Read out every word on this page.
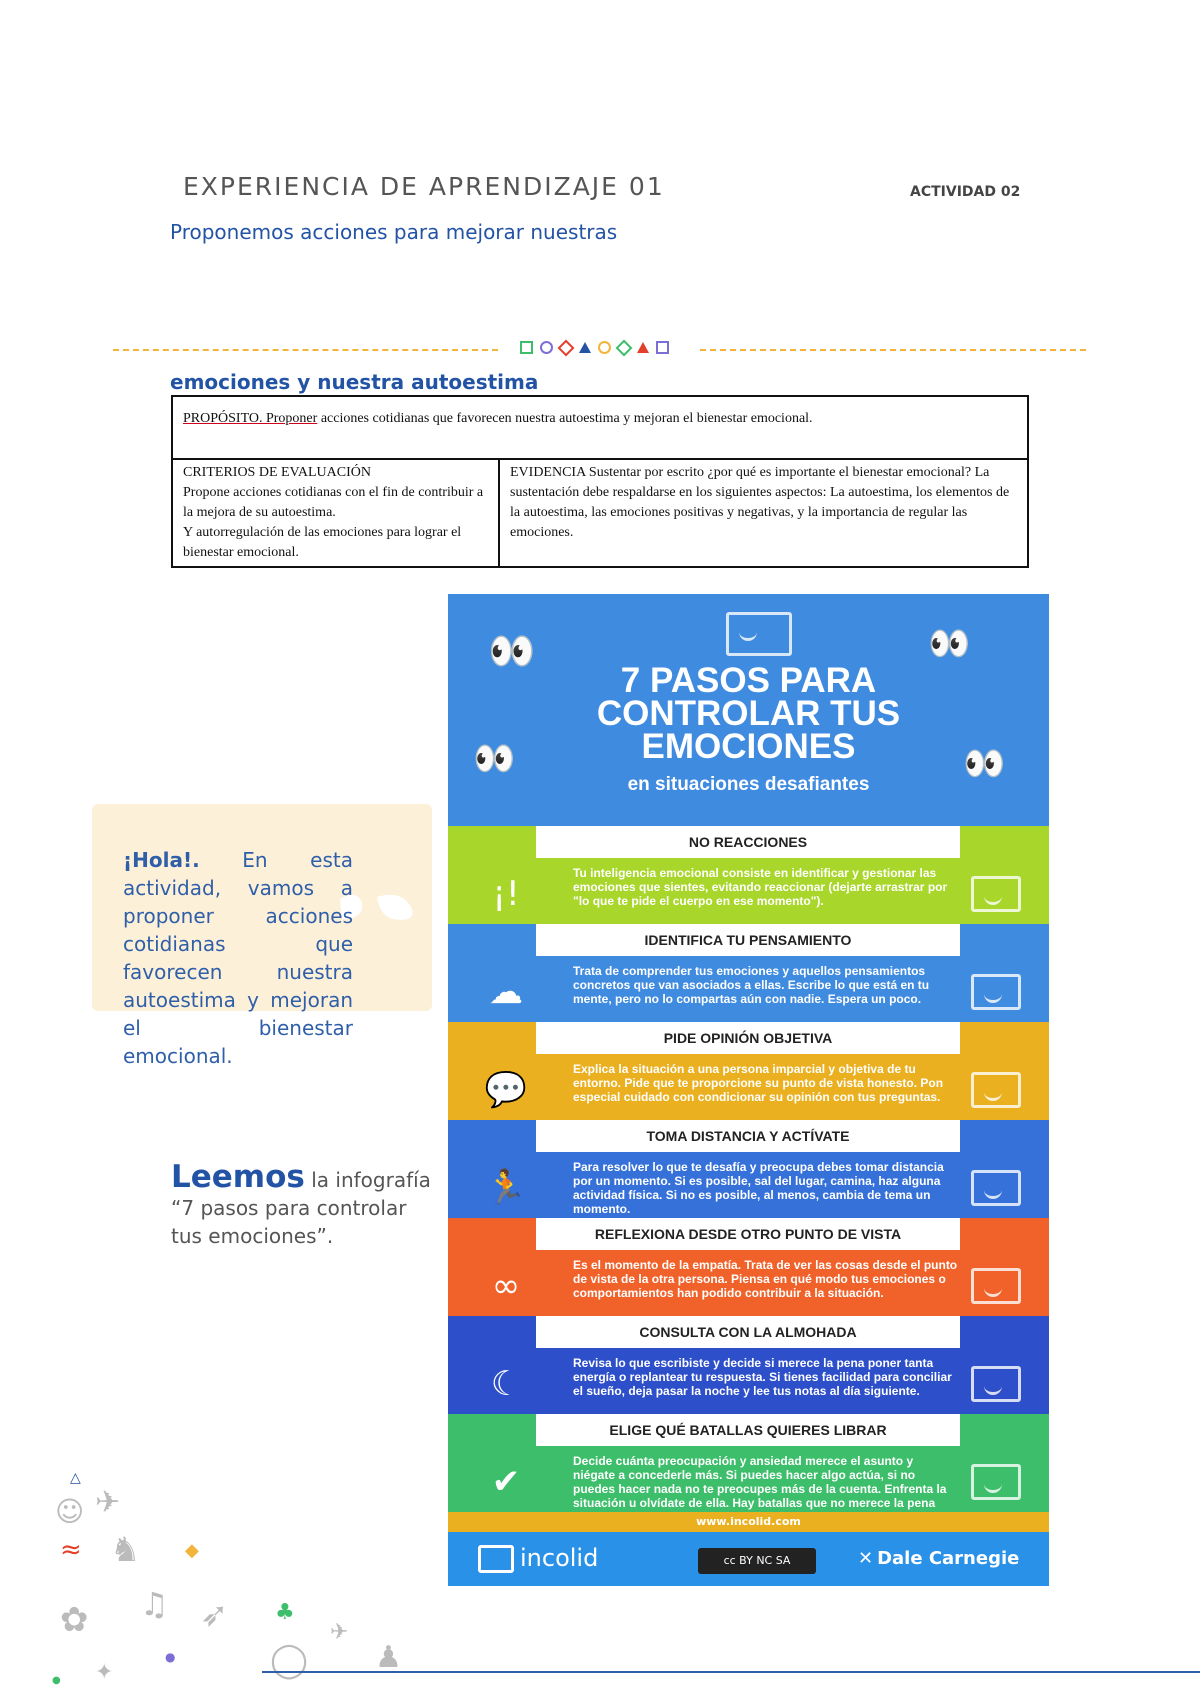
EXPERIENCIA DE APRENDIZAJE 01	ACTIVIDAD 02
Proponemos acciones para mejorar nuestras
emociones y nuestra autoestima
PROPÓSITO. Proponer acciones cotidianas que favorecen nuestra autoestima y mejoran el bienestar emocional.

CRITERIOS DE EVALUACIÓN
Propone acciones cotidianas con el fin de contribuir a la mejora de su autoestima.
Y autorregulación de las emociones para lograr el bienestar emocional.

EVIDENCIA Sustentar por escrito ¿por qué es importante el bienestar emocional? La sustentación debe respaldarse en los siguientes aspectos: La autoestima, los elementos de la autoestima, las emociones positivas y negativas, y la importancia de regular las emociones.
¡Hola!. En esta actividad, vamos a proponer acciones cotidianas que favorecen nuestra autoestima y mejoran el bienestar emocional.
Leemos la infografía
“7 pasos para controlar
tus emociones”.
👀	👀
👀	👀
7 PASOS PARA
CONTROLAR TUS
EMOCIONES
en situaciones desafiantes
¡!
Tu inteligencia emocional consiste en identificar y gestionar las emociones que sientes, evitando reaccionar (dejarte arrastrar por "lo que te pide el cuerpo en ese momento").
NO REACCIONES
☁
Trata de comprender tus emociones y aquellos pensamientos concretos que van asociados a ellas. Escribe lo que está en tu mente, pero no lo compartas aún con nadie. Espera un poco.
IDENTIFICA TU PENSAMIENTO
💬
Explica la situación a una persona imparcial y objetiva de tu entorno. Pide que te proporcione su punto de vista honesto. Pon especial cuidado con condicionar su opinión con tus preguntas.
PIDE OPINIÓN OBJETIVA
🏃
Para resolver lo que te desafía y preocupa debes tomar distancia por un momento. Si es posible, sal del lugar, camina, haz alguna actividad física. Si no es posible, al menos, cambia de tema un momento.
TOMA DISTANCIA Y ACTÍVATE
∞
Es el momento de la empatía. Trata de ver las cosas desde el punto de vista de la otra persona. Piensa en qué modo tus emociones o comportamientos han podido contribuir a la situación.
REFLEXIONA DESDE OTRO PUNTO DE VISTA
☾
Revisa lo que escribiste y decide si merece la pena poner tanta energía o replantear tu respuesta. Si tienes facilidad para conciliar el sueño, deja pasar la noche y lee tus notas al día siguiente.
CONSULTA CON LA ALMOHADA
✔
Decide cuánta preocupación y ansiedad merece el asunto y niégate a concederle más. Si puedes hacer algo actúa, si no puedes hacer nada no te preocupes más de la cuenta. Enfrenta la situación u olvídate de ella. Hay batallas que no merece la pena
ELIGE QUÉ BATALLAS QUIERES LIBRAR
www.incolid.com
incolid	cc BY NC SA	✕ Dale Carnegie
△
☺ ✈
≈ ♞ ◆
♫ ➶ ♣
✿
●	◯
✈
♟
● ✦
